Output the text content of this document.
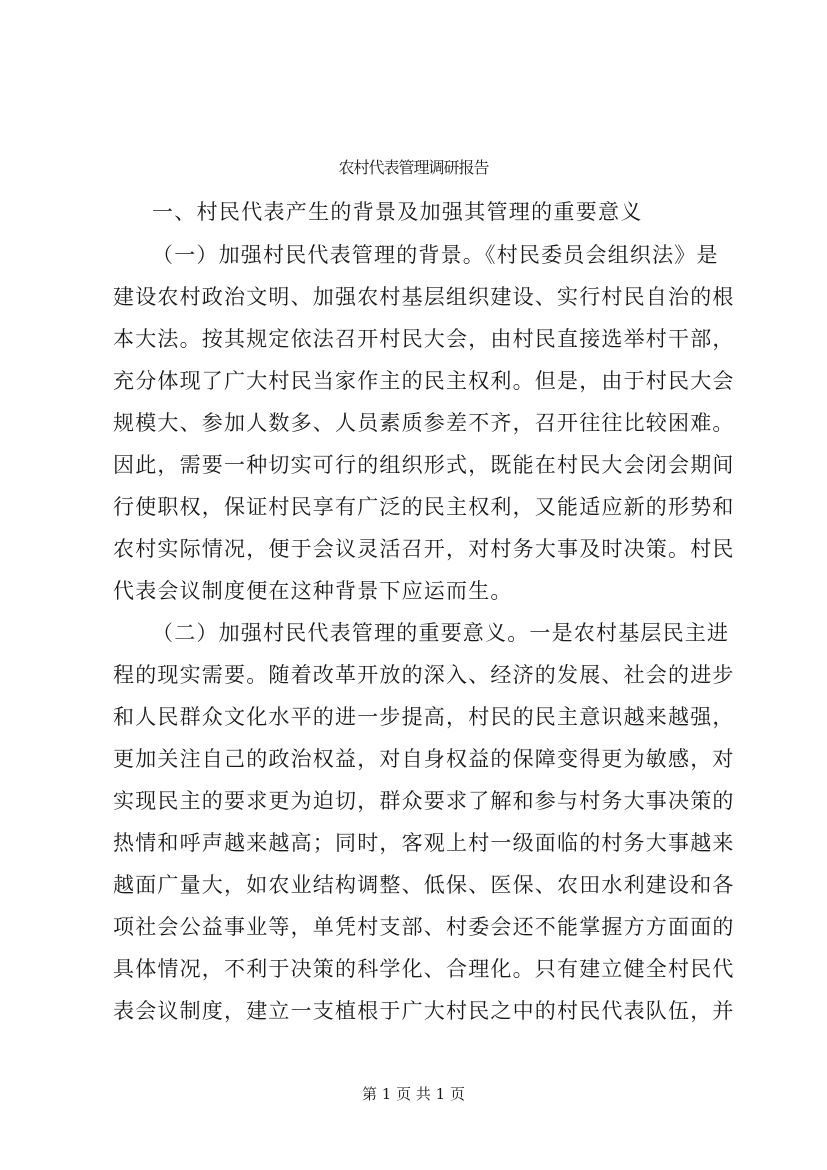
农村代表管理调研报告
一、村民代表产生的背景及加强其管理的重要意义
（一）加强村民代表管理的背景。《村民委员会组织法》是
建设农村政治文明、加强农村基层组织建设、实行村民自治的根
本大法。按其规定依法召开村民大会，由村民直接选举村干部，
充分体现了广大村民当家作主的民主权利。但是，由于村民大会
规模大、参加人数多、人员素质参差不齐，召开往往比较困难。
因此，需要一种切实可行的组织形式，既能在村民大会闭会期间
行使职权，保证村民享有广泛的民主权利，又能适应新的形势和
农村实际情况，便于会议灵活召开，对村务大事及时决策。村民
代表会议制度便在这种背景下应运而生。
（二）加强村民代表管理的重要意义。一是农村基层民主进
程的现实需要。随着改革开放的深入、经济的发展、社会的进步
和人民群众文化水平的进一步提高，村民的民主意识越来越强，
更加关注自己的政治权益，对自身权益的保障变得更为敏感，对
实现民主的要求更为迫切，群众要求了解和参与村务大事决策的
热情和呼声越来越高；同时，客观上村一级面临的村务大事越来
越面广量大，如农业结构调整、低保、医保、农田水利建设和各
项社会公益事业等，单凭村支部、村委会还不能掌握方方面面的
具体情况，不利于决策的科学化、合理化。只有建立健全村民代
表会议制度，建立一支植根于广大村民之中的村民代表队伍，并
第 1 页 共 1 页
